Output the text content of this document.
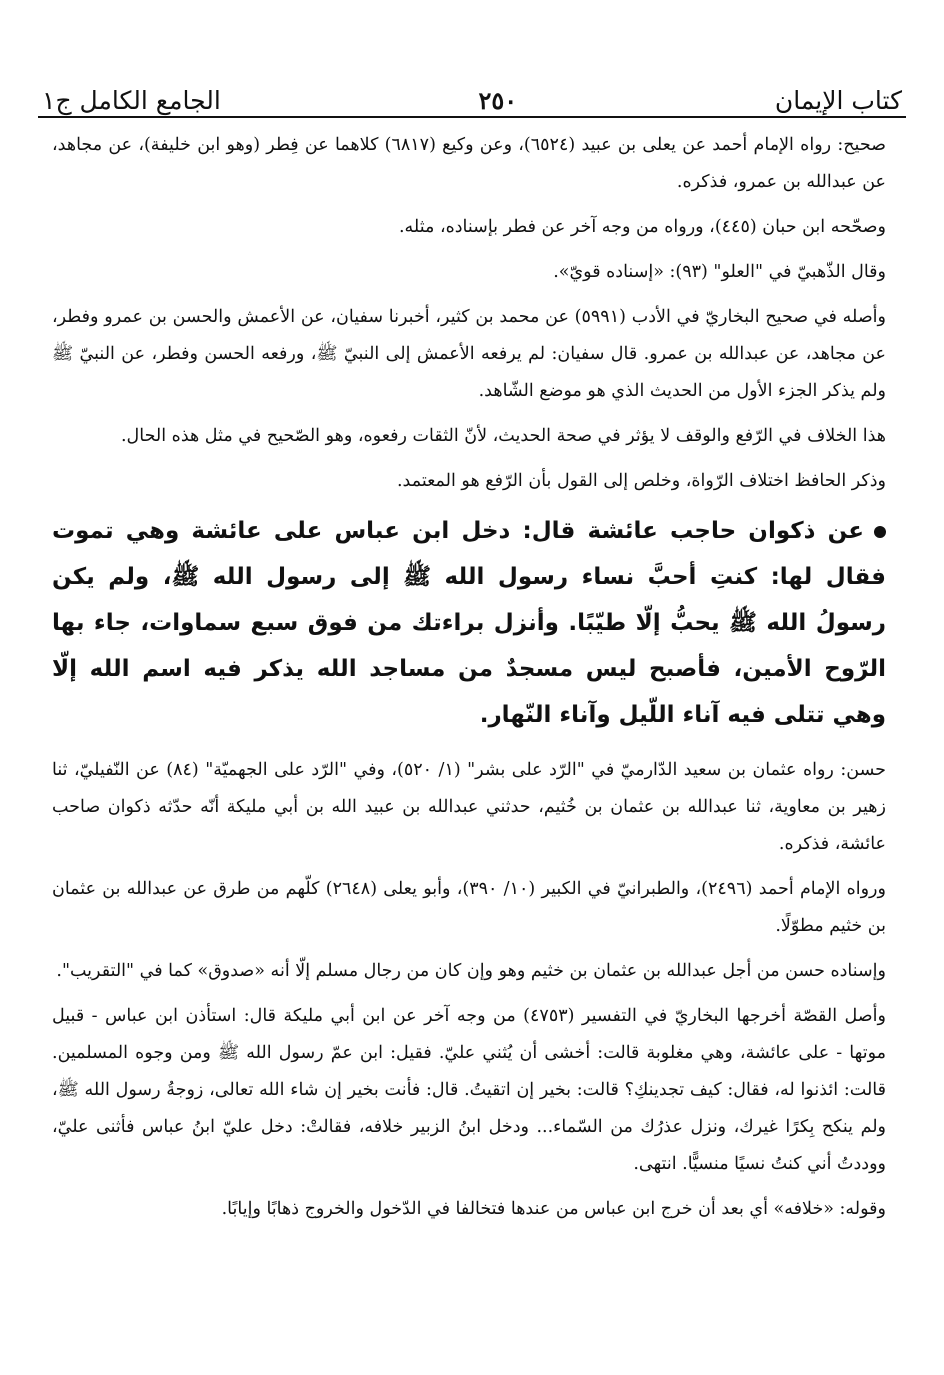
كتاب الإيمان
٢٥٠
الجامع الكامل ج١

صحيح: رواه الإمام أحمد عن يعلى بن عبيد (٦٥٢٤)، وعن وكيع (٦٨١٧) كلاهما عن فِطر (وهو ابن خليفة)، عن مجاهد، عن عبدالله بن عمرو، فذكره.

وصحّحه ابن حبان (٤٤٥)، ورواه من وجه آخر عن فطر بإسناده، مثله.

وقال الذّهبيّ في "العلو" (٩٣): «إسناده قويّ».

وأصله في صحيح البخاريّ في الأدب (٥٩٩١) عن محمد بن كثير، أخبرنا سفيان، عن الأعمش والحسن بن عمرو وفطر، عن مجاهد، عن عبدالله بن عمرو. قال سفيان: لم يرفعه الأعمش إلى النبيّ ﷺ، ورفعه الحسن وفطر، عن النبيّ ﷺ ولم يذكر الجزء الأول من الحديث الذي هو موضع الشّاهد.

هذا الخلاف في الرّفع والوقف لا يؤثر في صحة الحديث، لأنّ الثقات رفعوه، وهو الصّحيح في مثل هذه الحال.

وذكر الحافظ اختلاف الرّواة، وخلص إلى القول بأن الرّفع هو المعتمد.

عن ذكوان حاجب عائشة قال: دخل ابن عباس على عائشة وهي تموت فقال لها: كنتِ أحبَّ نساء رسول الله ﷺ إلى رسول الله ﷺ، ولم يكن رسولُ الله ﷺ يحبُّ إلّا طيّبًا. وأنزل براءتك من فوق سبع سماوات، جاء بها الرّوح الأمين، فأصبح ليس مسجدٌ من مساجد الله يذكر فيه اسم الله إلّا وهي تتلى فيه آناء اللّيل وآناء النّهار.

حسن: رواه عثمان بن سعيد الدّارميّ في "الرّد على بشر" (١/ ٥٢٠)، وفي "الرّد على الجهميّة" (٨٤) عن النّفيليّ، ثنا زهير بن معاوية، ثنا عبدالله بن عثمان بن خُثيم، حدثني عبدالله بن عبيد الله بن أبي مليكة أنّه حدّثه ذكوان صاحب عائشة، فذكره.

ورواه الإمام أحمد (٢٤٩٦)، والطبرانيّ في الكبير (١٠/ ٣٩٠)، وأبو يعلى (٢٦٤٨) كلّهم من طرق عن عبدالله بن عثمان بن خثيم مطوّلًا.

وإسناده حسن من أجل عبدالله بن عثمان بن خثيم وهو وإن كان من رجال مسلم إلّا أنه «صدوق» كما في "التقريب".

وأصل القصّة أخرجها البخاريّ في التفسير (٤٧٥٣) من وجه آخر عن ابن أبي مليكة قال: استأذن ابن عباس - قبيل موتها - على عائشة، وهي مغلوبة قالت: أخشى أن يُثني عليّ. فقيل: ابن عمّ رسول الله ﷺ ومن وجوه المسلمين. قالت: ائذنوا له، فقال: كيف تجدينكِ؟ قالت: بخير إن اتقيتُ. قال: فأنت بخير إن شاء الله تعالى، زوجةُ رسول الله ﷺ، ولم ينكح بِكرًا غيرك، ونزل عذرُك من السّماء... ودخل ابنُ الزبير خلافه، فقالتْ: دخل عليّ ابنُ عباس فأثنى عليّ، ووددتُ أني كنتُ نسيًا منسيًّا. انتهى.

وقوله: «خلافه» أي بعد أن خرج ابن عباس من عندها فتخالفا في الدّخول والخروج ذهابًا وإيابًا.
